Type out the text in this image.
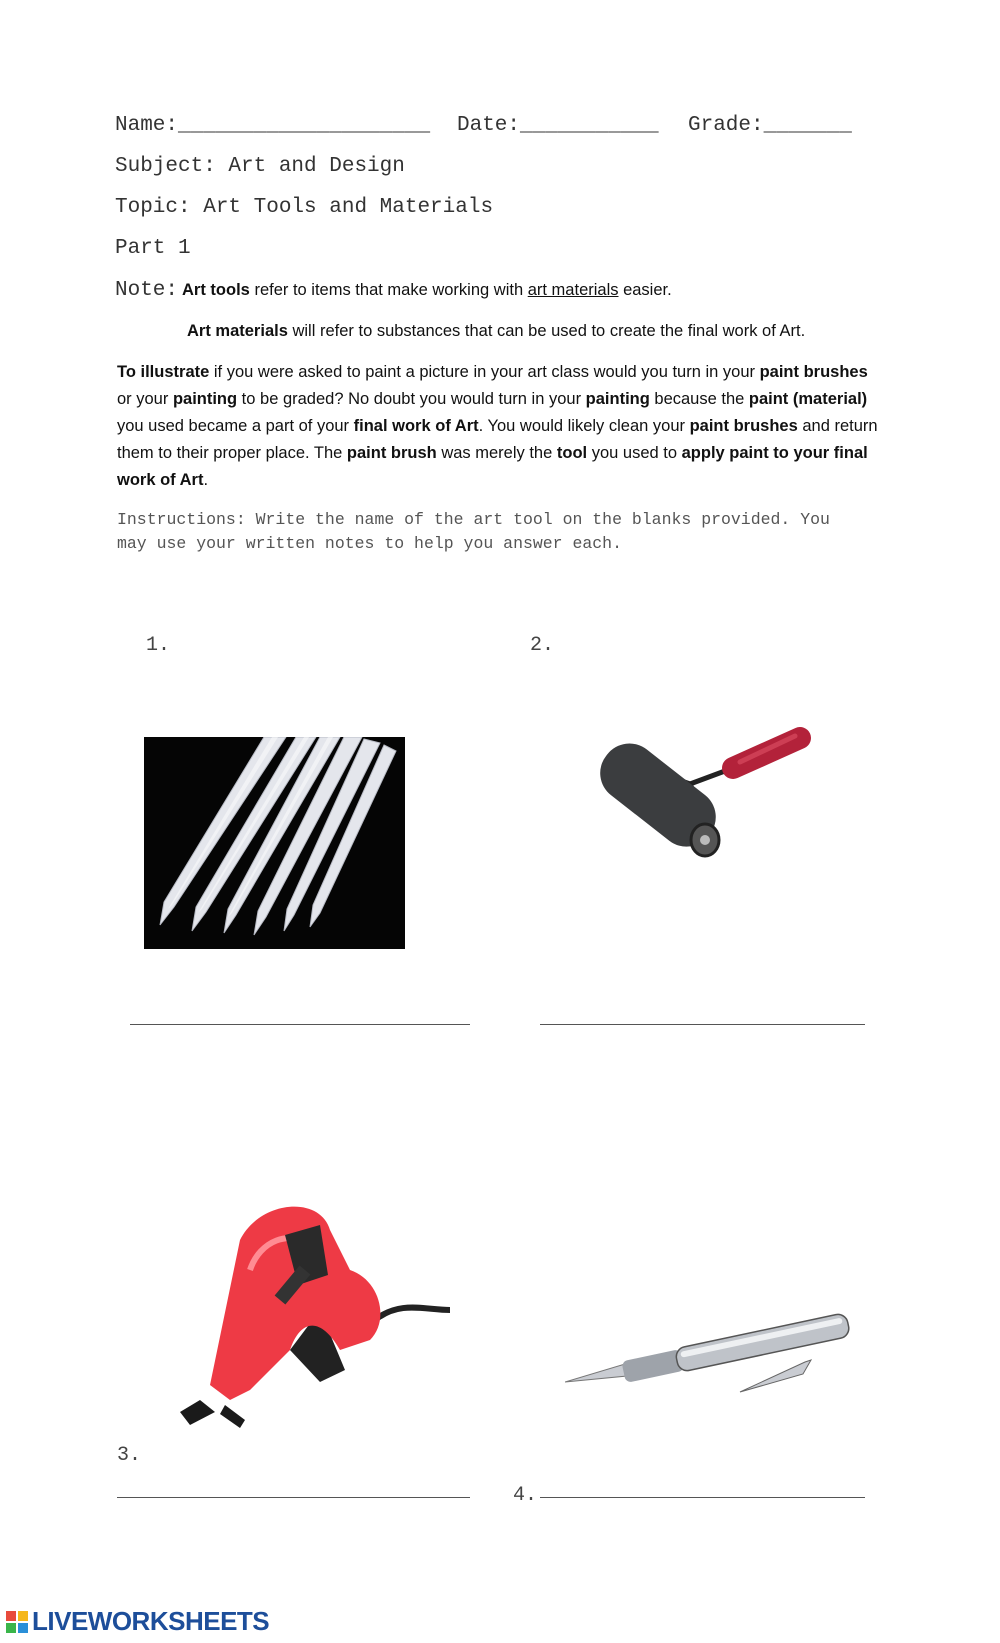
Name:____________________ Date:___________ Grade:_______
Subject: Art and Design
Topic: Art Tools and Materials
Part 1
Note: Art tools refer to items that make working with art materials easier.
Art materials will refer to substances that can be used to create the final work of Art.
To illustrate if you were asked to paint a picture in your art class would you turn in your paint brushes or your painting to be graded? No doubt you would turn in your painting because the paint (material) you used became a part of your final work of Art. You would likely clean your paint brushes and return them to their proper place. The paint brush was merely the tool you used to apply paint to your final work of Art.
Instructions: Write the name of the art tool on the blanks provided. You may use your written notes to help you answer each.
1.	2.
3.
4.
LIVEWORKSHEETS
